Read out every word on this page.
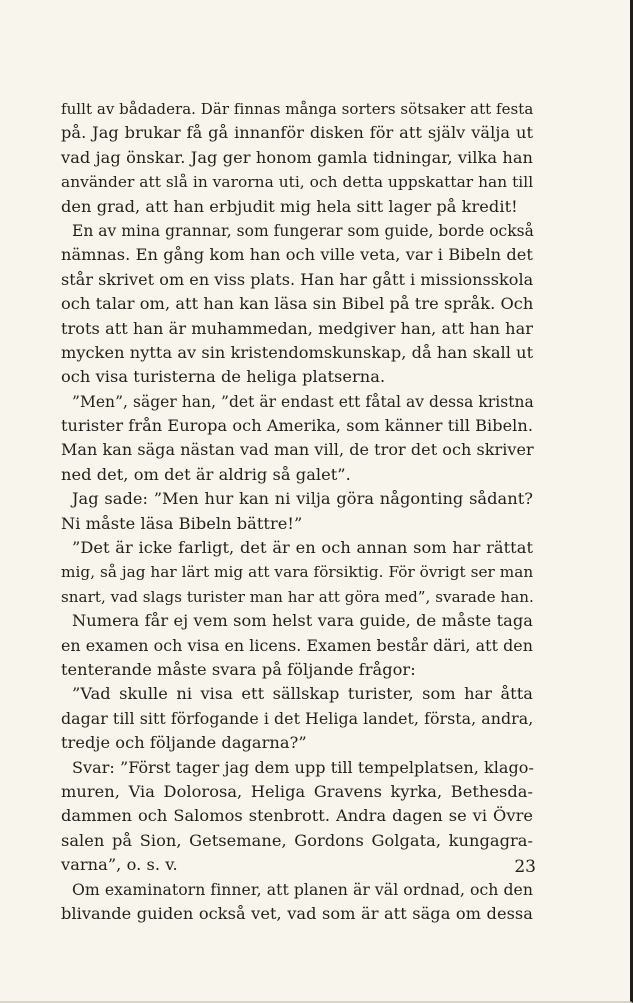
fullt av bådadera. Där finnas många sorters sötsaker att festa
på. Jag brukar få gå innanför disken för att själv välja ut
vad jag önskar. Jag ger honom gamla tidningar, vilka han
använder att slå in varorna uti, och detta uppskattar han till
den grad, att han erbjudit mig hela sitt lager på kredit!
En av mina grannar, som fungerar som guide, borde också
nämnas. En gång kom han och ville veta, var i Bibeln det
står skrivet om en viss plats. Han har gått i missionsskola
och talar om, att han kan läsa sin Bibel på tre språk. Och
trots att han är muhammedan, medgiver han, att han har
mycken nytta av sin kristendomskunskap, då han skall ut
och visa turisterna de heliga platserna.
”Men”, säger han, ”det är endast ett fåtal av dessa kristna
turister från Europa och Amerika, som känner till Bibeln.
Man kan säga nästan vad man vill, de tror det och skriver
ned det, om det är aldrig så galet”.
Jag sade: ”Men hur kan ni vilja göra någonting sådant?
Ni måste läsa Bibeln bättre!”
”Det är icke farligt, det är en och annan som har rättat
mig, så jag har lärt mig att vara försiktig. För övrigt ser man
snart, vad slags turister man har att göra med”, svarade han.
Numera får ej vem som helst vara guide, de måste taga
en examen och visa en licens. Examen består däri, att den
tenterande måste svara på följande frågor:
”Vad skulle ni visa ett sällskap turister, som har åtta
dagar till sitt förfogande i det Heliga landet, första, andra,
tredje och följande dagarna?”
Svar: ”Först tager jag dem upp till tempelplatsen, klago-
muren, Via Dolorosa, Heliga Gravens kyrka, Bethesda-
dammen och Salomos stenbrott. Andra dagen se vi Övre
salen på Sion, Getsemane, Gordons Golgata, kungagra-
varna”, o. s. v.
Om examinatorn finner, att planen är väl ordnad, och den
blivande guiden också vet, vad som är att säga om dessa
23
